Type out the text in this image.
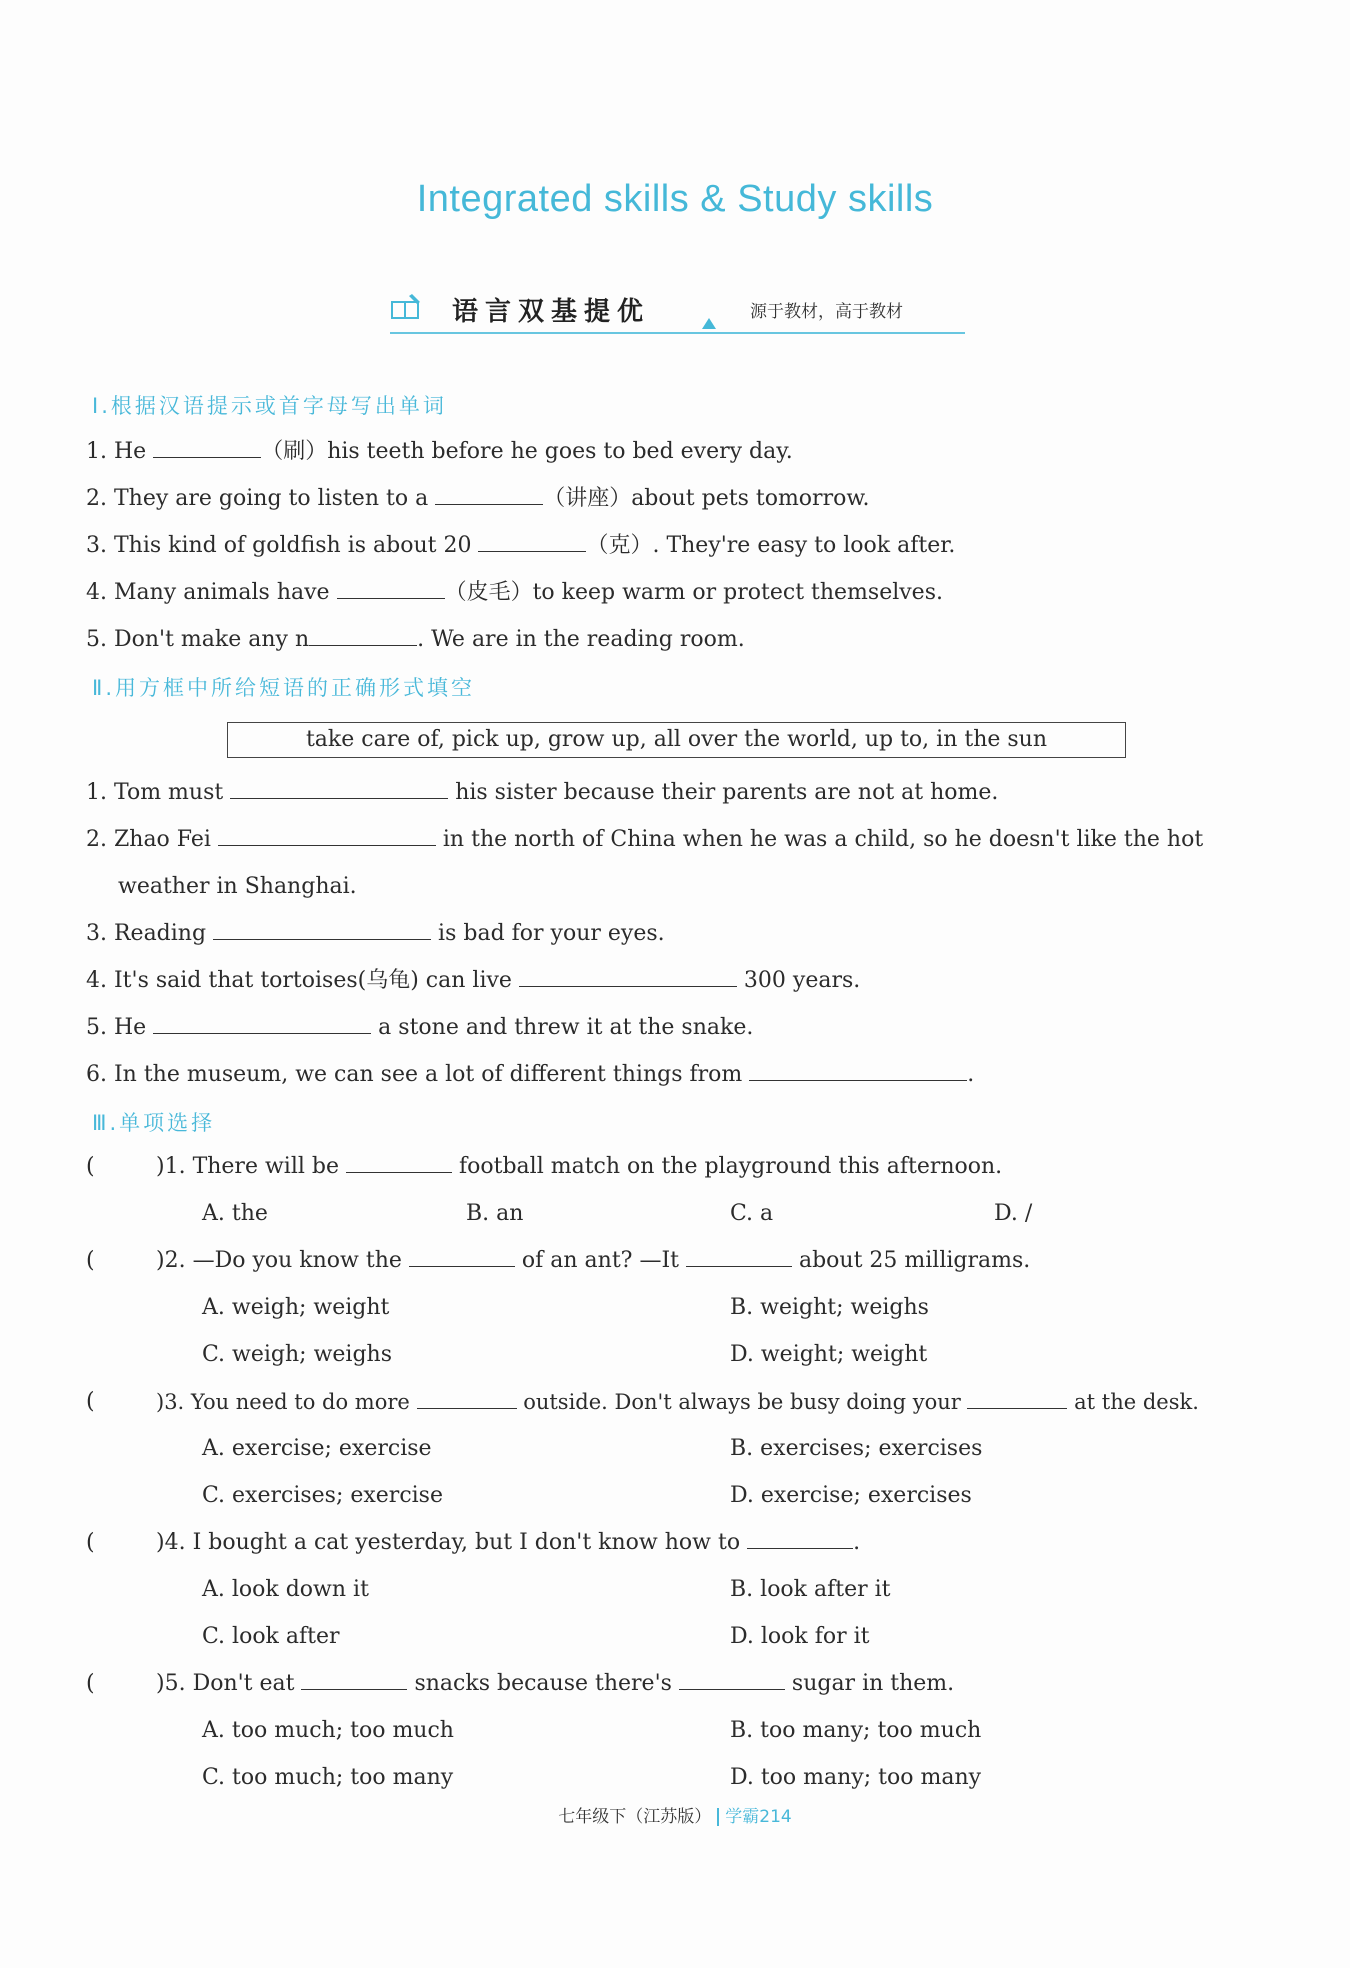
Integrated skills & Study skills
语言双基提优	源于教材，高于教材
Ⅰ.根据汉语提示或首字母写出单词
1. He	（刷）his teeth before he goes to bed every day.
2. They are going to listen to a	（讲座）about pets tomorrow.
3. This kind of goldfish is about 20	（克）. They're easy to look after.
4. Many animals have	（皮毛）to keep warm or protect themselves.
5. Don't make any n	. We are in the reading room.
Ⅱ.用方框中所给短语的正确形式填空
take care of, pick up, grow up, all over the world, up to, in the sun
1. Tom must	his sister because their parents are not at home.
2. Zhao Fei	in the north of China when he was a child, so he doesn't like the hot
weather in Shanghai.
3. Reading	is bad for your eyes.
4. It's said that tortoises(乌龟) can live	300 years.
5. He	a stone and threw it at the snake.
6. In the museum, we can see a lot of different things from	.
Ⅲ.单项选择
(	)1. There will be	football match on the playground this afternoon.
A. the	B. an	C. a	D. /
(	)2. —Do you know the	of an ant? —It	about 25 milligrams.
A. weigh; weight	B. weight; weighs
C. weigh; weighs	D. weight; weight
(	)3. You need to do more	outside. Don't always be busy doing your	at the desk.
A. exercise; exercise	B. exercises; exercises
C. exercises; exercise	D. exercise; exercises
(	)4. I bought a cat yesterday, but I don't know how to	.
A. look down it	B. look after it
C. look after	D. look for it
(	)5. Don't eat	snacks because there's	sugar in them.
A. too much; too much	B. too many; too much
C. too much; too many	D. too many; too many
七年级下（江苏版） 学霸214
